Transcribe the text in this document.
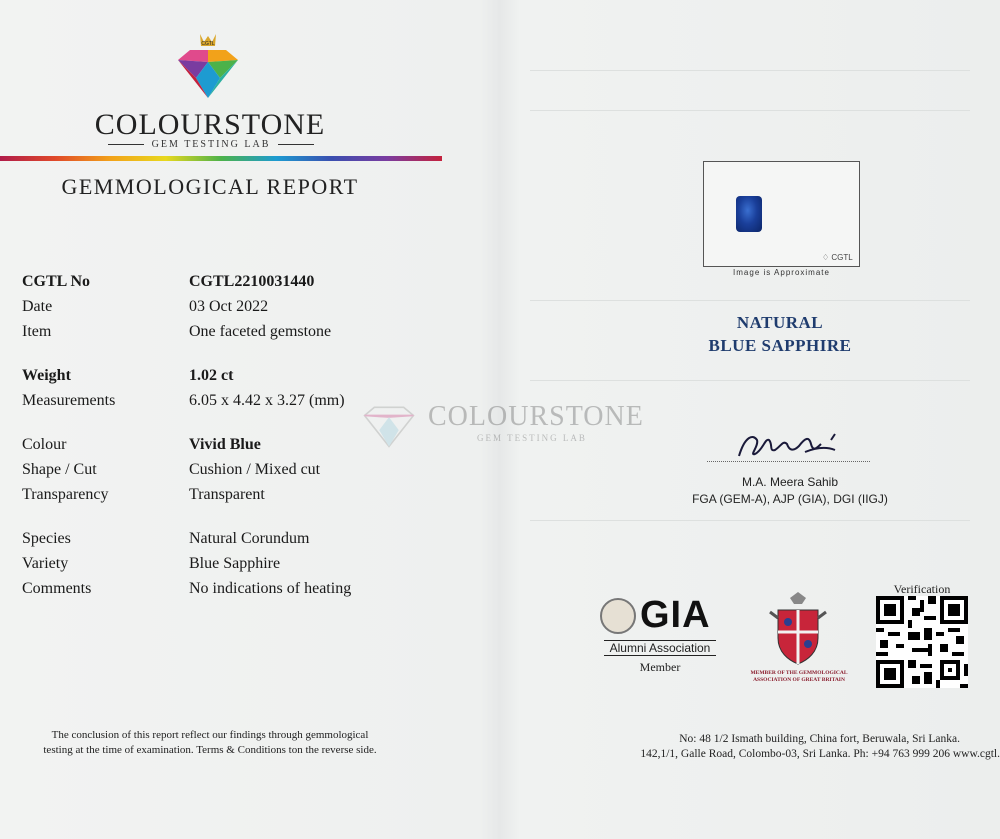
CGTL
COLOURSTONE
GEM TESTING LAB
GEMMOLOGICAL REPORT
CGTL No	CGTL2210031440
Date	03 Oct 2022
Item	One faceted gemstone
Weight	1.02 ct
Measurements	6.05 x 4.42 x 3.27 (mm)
Colour	Vivid Blue
Shape / Cut	Cushion / Mixed cut
Transparency	Transparent
Species	Natural Corundum
Variety	Blue Sapphire
Comments	No indications of heating
COLOURSTONE
GEM TESTING LAB
The conclusion of this report reflect our findings through gemmological
testing at the time of examination. Terms & Conditions ton the reverse side.
♢ CGTL
Image is Approximate
NATURAL
BLUE SAPPHIRE
M.A. Meera Sahib
FGA (GEM-A), AJP (GIA), DGI (IIGJ)
GIA
Alumni Association
Member	MEMBER OF THE GEMMOLOGICAL
ASSOCIATION OF GREAT BRITAIN
Verification
No: 48 1/2 Ismath building, China fort, Beruwala, Sri Lanka.
142,1/1, Galle Road, Colombo-03, Sri Lanka. Ph: +94 763 999 206 www.cgtl.
